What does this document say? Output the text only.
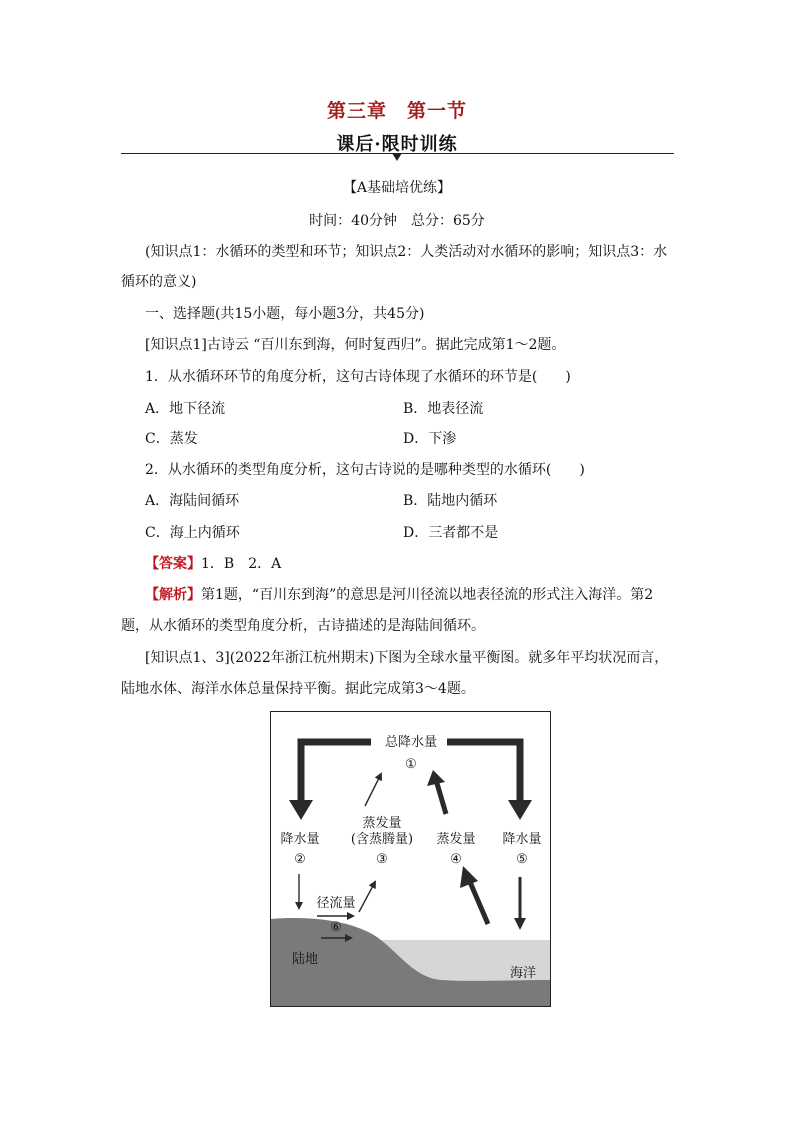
第三章　第一节
课后·限时训练
【A基础培优练】
时间：40分钟　总分：65分
(知识点1：水循环的类型和环节；知识点2：人类活动对水循环的影响；知识点3：水
循环的意义)
一、选择题(共15小题，每小题3分，共45分)
[知识点1]古诗云 “百川东到海，何时复西归”。据此完成第1～2题。
1．从水循环环节的角度分析，这句古诗体现了水循环的环节是(　　)
A．地下径流	B．地表径流
C．蒸发	D．下渗
2．从水循环的类型角度分析，这句古诗说的是哪种类型的水循环(　　)
A．海陆间循环	B．陆地内循环
C．海上内循环	D．三者都不是
【答案】1．B　2．A
【解析】第1题，“百川东到海”的意思是河川径流以地表径流的形式注入海洋。第2
题，从水循环的类型角度分析，古诗描述的是海陆间循环。
[知识点1、3](2022年浙江杭州期末)下图为全球水量平衡图。就多年平均状况而言，
陆地水体、海洋水体总量保持平衡。据此完成第3～4题。
总降水量
①
降水量
②
蒸发量
(含蒸腾量)
③
蒸发量
④
降水量
⑤
径流量
⑥
陆地
海洋
